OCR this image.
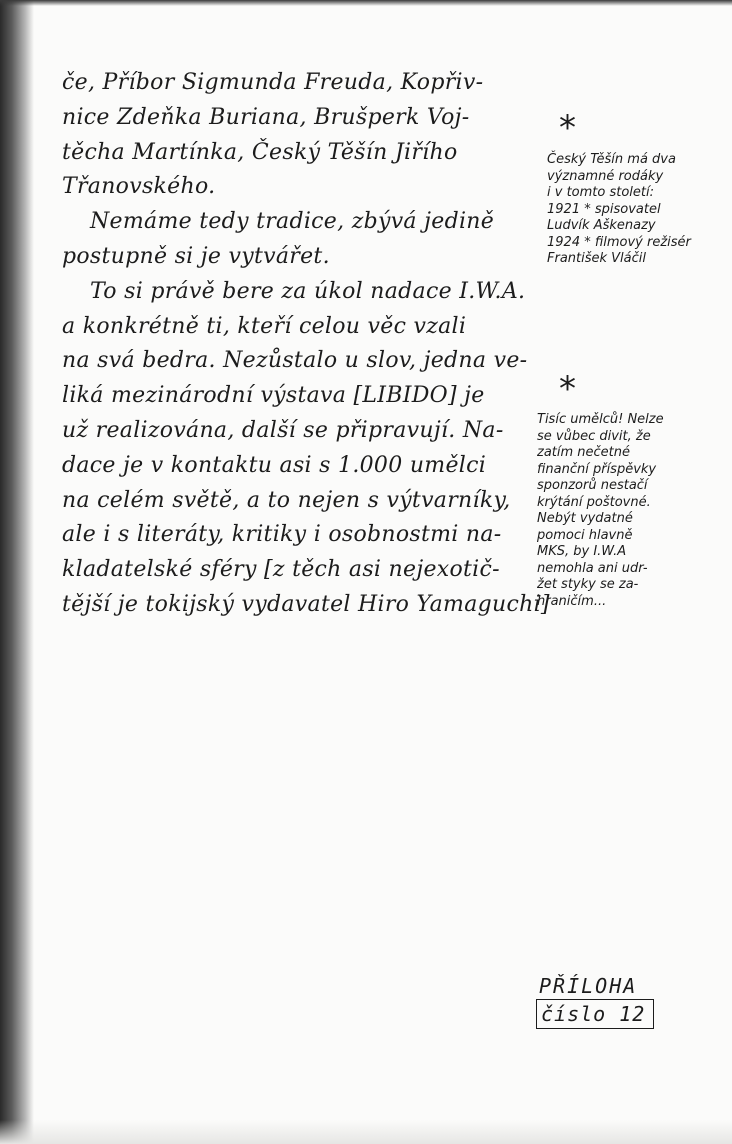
če, Příbor Sigmunda Freuda, Kopřiv-
nice Zdeňka Buriana, Brušperk Voj-
těcha Martínka, Český Těšín Jiřího
Třanovského.
Nemáme tedy tradice, zbývá jedině
postupně si je vytvářet.
To si právě bere za úkol nadace I.W.A.
a konkrétně ti, kteří celou věc vzali
na svá bedra. Nezůstalo u slov, jedna ve-
liká mezinárodní výstava [LIBIDO] je
už realizována, další se připravují. Na-
dace je v kontaktu asi s 1.000 umělci
na celém světě, a to nejen s výtvarníky,
ale i s literáty, kritiky i osobnostmi na-
kladatelské sféry [z těch asi nejexotič-
tější je tokijský vydavatel Hiro Yamaguchi]
*
Český Těšín má dva
významné rodáky
i v tomto století:
1921 * spisovatel
Ludvík Aškenazy
1924 * filmový režisér
František Vláčil
*
Tisíc umělců! Nelze
se vůbec divit, že
zatím nečetné
finanční příspěvky
sponzorů nestačí
krýtání poštovné.
Nebýt vydatné
pomoci hlavně
MKS, by I.W.A
nemohla ani udr-
žet styky se za-
hraničím...
PŘÍLOHA
číslo 12
